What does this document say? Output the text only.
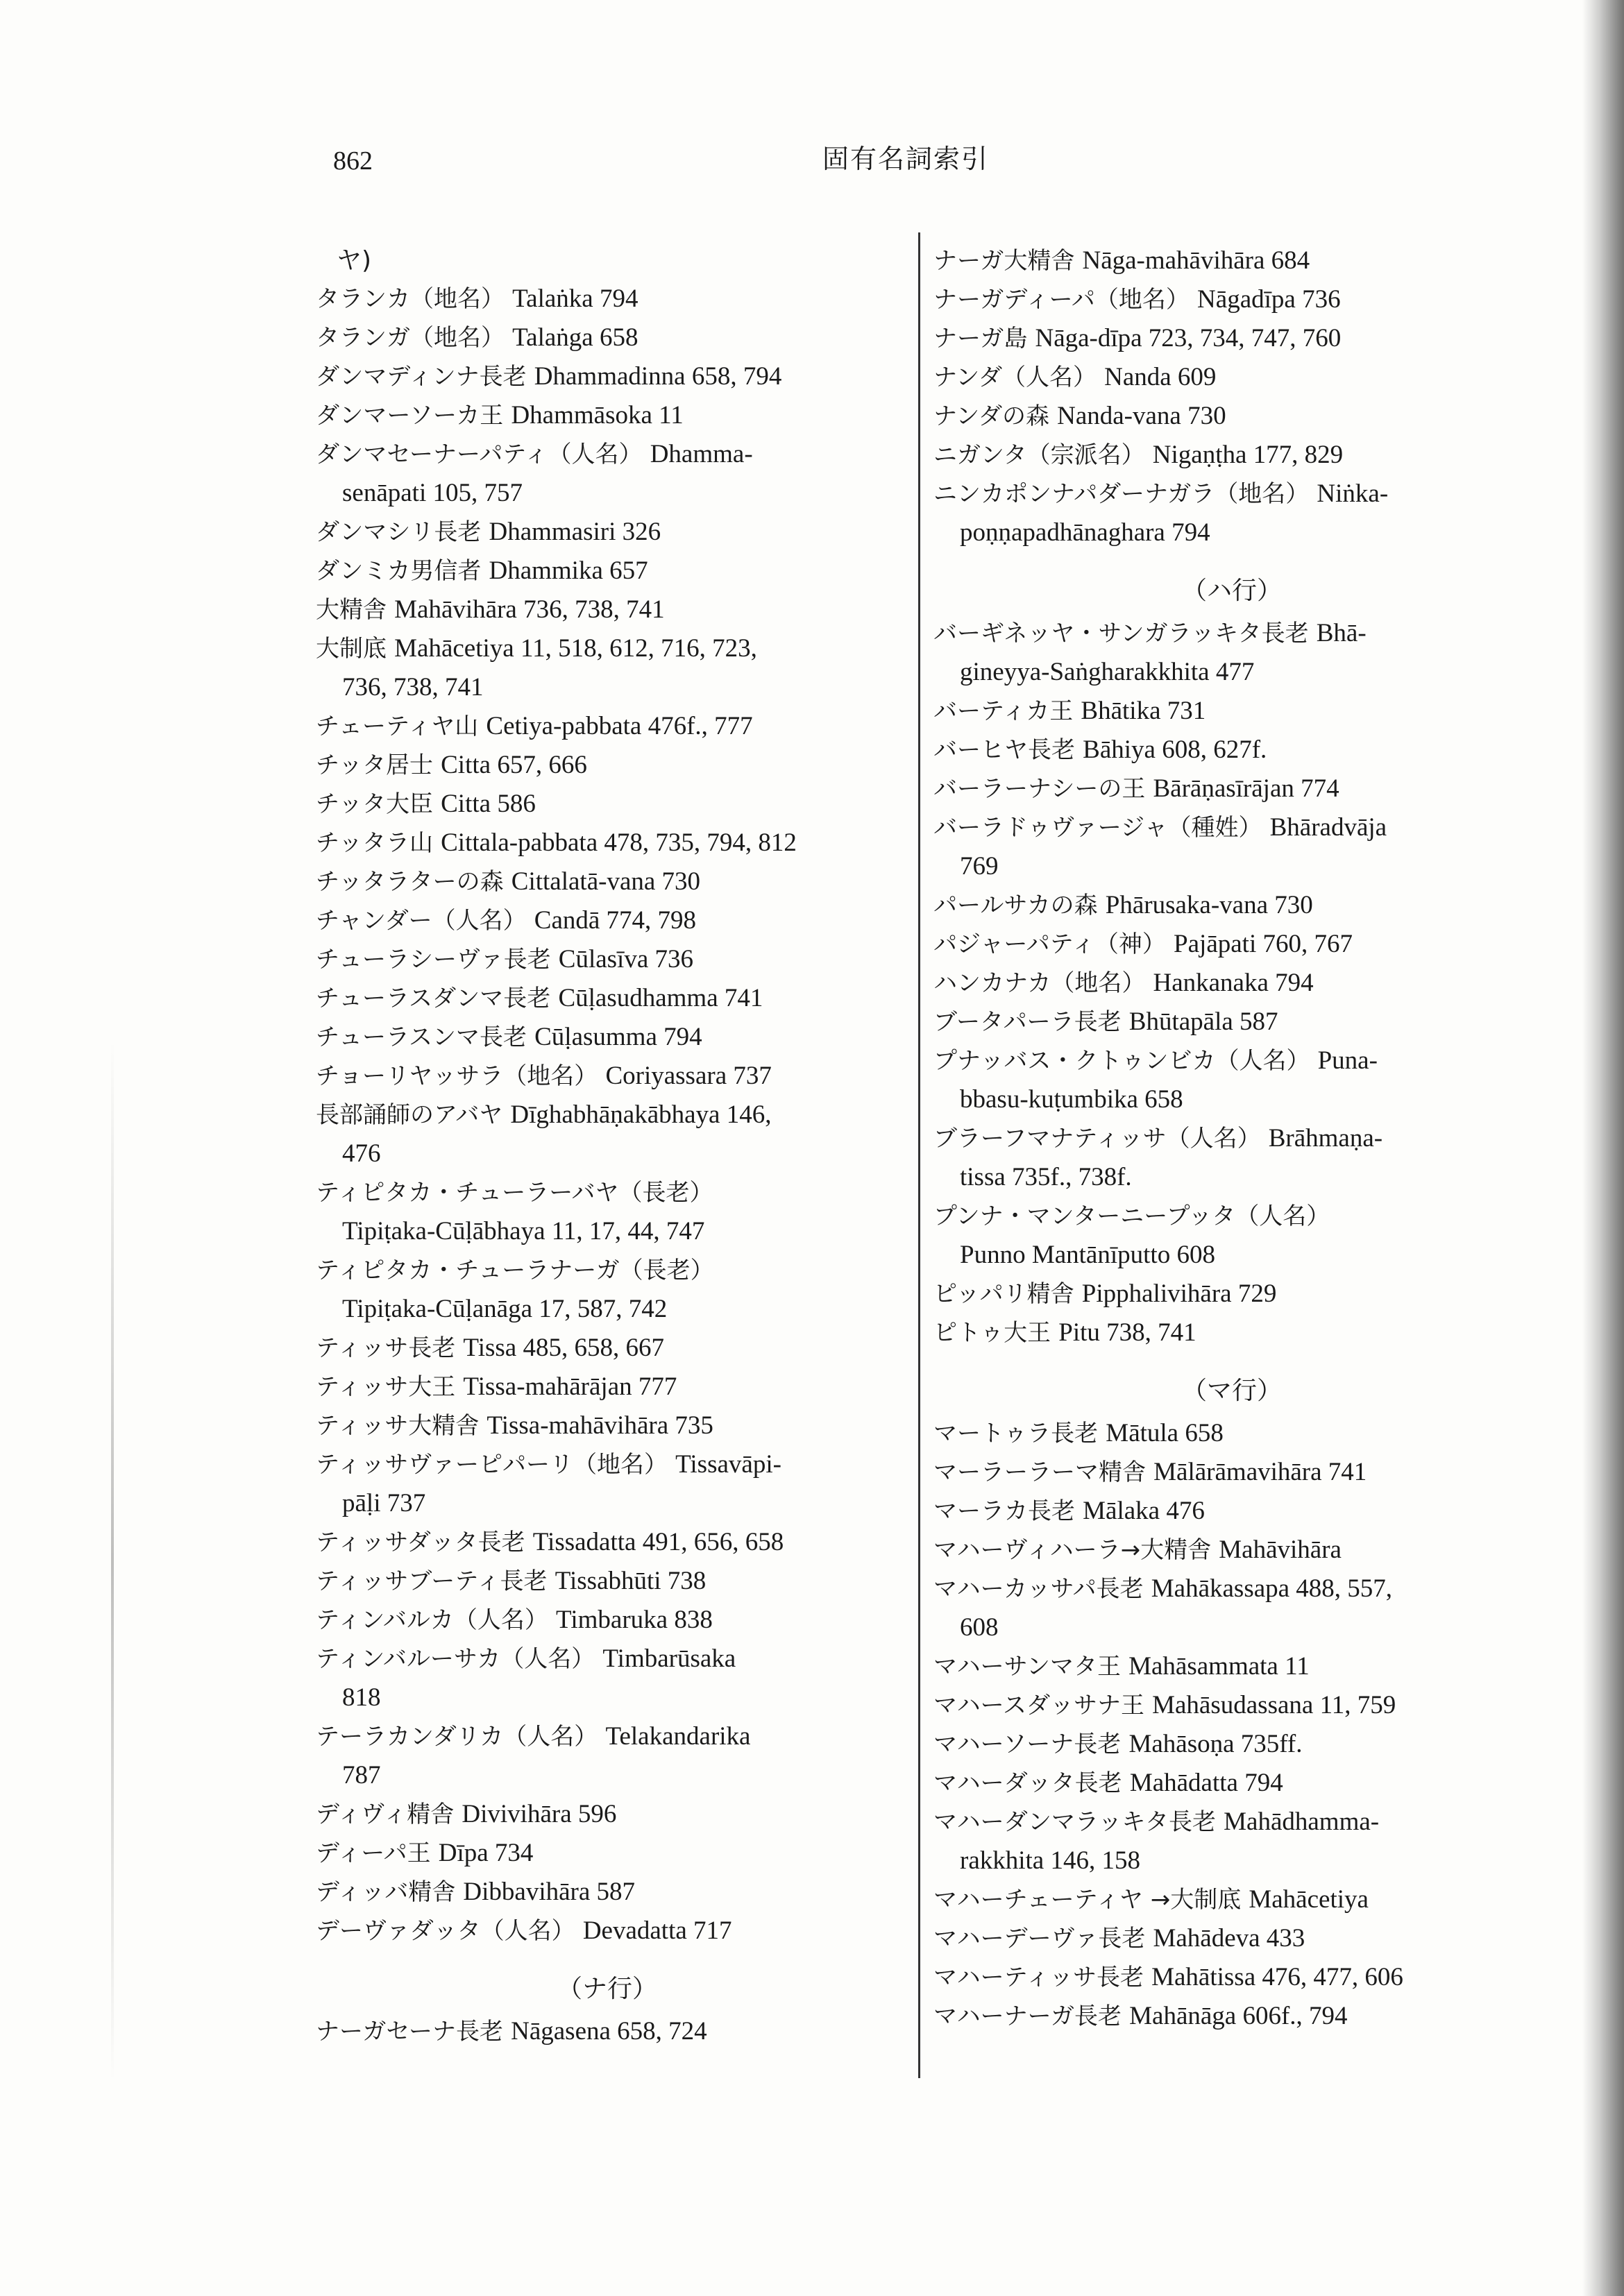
862	固有名詞索引
ヤ)
タランカ（地名） Talaṅka 794
タランガ（地名） Talaṅga 658
ダンマディンナ長老 Dhammadinna 658, 794
ダンマーソーカ王 Dhammāsoka 11
ダンマセーナーパティ（人名） Dhamma-
senāpati 105, 757
ダンマシリ長老 Dhammasiri 326
ダンミカ男信者 Dhammika 657
大精舎 Mahāvihāra 736, 738, 741
大制底 Mahācetiya 11, 518, 612, 716, 723,
736, 738, 741
チェーティヤ山 Cetiya-pabbata 476f., 777
チッタ居士 Citta 657, 666
チッタ大臣 Citta 586
チッタラ山 Cittala-pabbata 478, 735, 794, 812
チッタラターの森 Cittalatā-vana 730
チャンダー（人名） Candā 774, 798
チューラシーヴァ長老 Cūlasīva 736
チューラスダンマ長老 Cūḷasudhamma 741
チューラスンマ長老 Cūḷasumma 794
チョーリヤッサラ（地名） Coriyassara 737
長部誦師のアバヤ Dīghabhāṇakābhaya 146,
476
ティピタカ・チューラーバヤ（長老）
Tipiṭaka-Cūḷābhaya 11, 17, 44, 747
ティピタカ・チューラナーガ（長老）
Tipiṭaka-Cūḷanāga 17, 587, 742
ティッサ長老 Tissa 485, 658, 667
ティッサ大王 Tissa-mahārājan 777
ティッサ大精舎 Tissa-mahāvihāra 735
ティッサヴァーピパーリ（地名） Tissavāpi-
pāḷi 737
ティッサダッタ長老 Tissadatta 491, 656, 658
ティッサブーティ長老 Tissabhūti 738
ティンバルカ（人名） Timbaruka 838
ティンバルーサカ（人名） Timbarūsaka
818
テーラカンダリカ（人名） Telakandarika
787
ディヴィ精舎 Divivihāra 596
ディーパ王 Dīpa 734
ディッバ精舎 Dibbavihāra 587
デーヴァダッタ（人名） Devadatta 717
（ナ行）
ナーガセーナ長老 Nāgasena 658, 724
ナーガ大精舎 Nāga-mahāvihāra 684
ナーガディーパ（地名） Nāgadīpa 736
ナーガ島 Nāga-dīpa 723, 734, 747, 760
ナンダ（人名） Nanda 609
ナンダの森 Nanda-vana 730
ニガンタ（宗派名） Nigaṇṭha 177, 829
ニンカポンナパダーナガラ（地名） Niṅka-
poṇṇapadhānaghara 794
（ハ行）
バーギネッヤ・サンガラッキタ長老 Bhā-
gineyya-Saṅgharakkhita 477
バーティカ王 Bhātika 731
バーヒヤ長老 Bāhiya 608, 627f.
バーラーナシーの王 Bārāṇasīrājan 774
バーラドゥヴァージャ（種姓） Bhāradvāja
769
パールサカの森 Phārusaka-vana 730
パジャーパティ（神） Pajāpati 760, 767
ハンカナカ（地名） Hankanaka 794
ブータパーラ長老 Bhūtapāla 587
プナッバス・クトゥンビカ（人名） Puna-
bbasu-kuṭumbika 658
ブラーフマナティッサ（人名） Brāhmaṇa-
tissa 735f., 738f.
プンナ・マンターニープッタ（人名）
Punno Mantānīputto 608
ピッパリ精舎 Pipphalivihāra 729
ピトゥ大王 Pitu 738, 741
（マ行）
マートゥラ長老 Mātula 658
マーラーラーマ精舎 Mālārāmavihāra 741
マーラカ長老 Mālaka 476
マハーヴィハーラ→大精舎 Mahāvihāra
マハーカッサパ長老 Mahākassapa 488, 557,
608
マハーサンマタ王 Mahāsammata 11
マハースダッサナ王 Mahāsudassana 11, 759
マハーソーナ長老 Mahāsoṇa 735ff.
マハーダッタ長老 Mahādatta 794
マハーダンマラッキタ長老 Mahādhamma-
rakkhita 146, 158
マハーチェーティヤ →大制底 Mahācetiya
マハーデーヴァ長老 Mahādeva 433
マハーティッサ長老 Mahātissa 476, 477, 606
マハーナーガ長老 Mahānāga 606f., 794
